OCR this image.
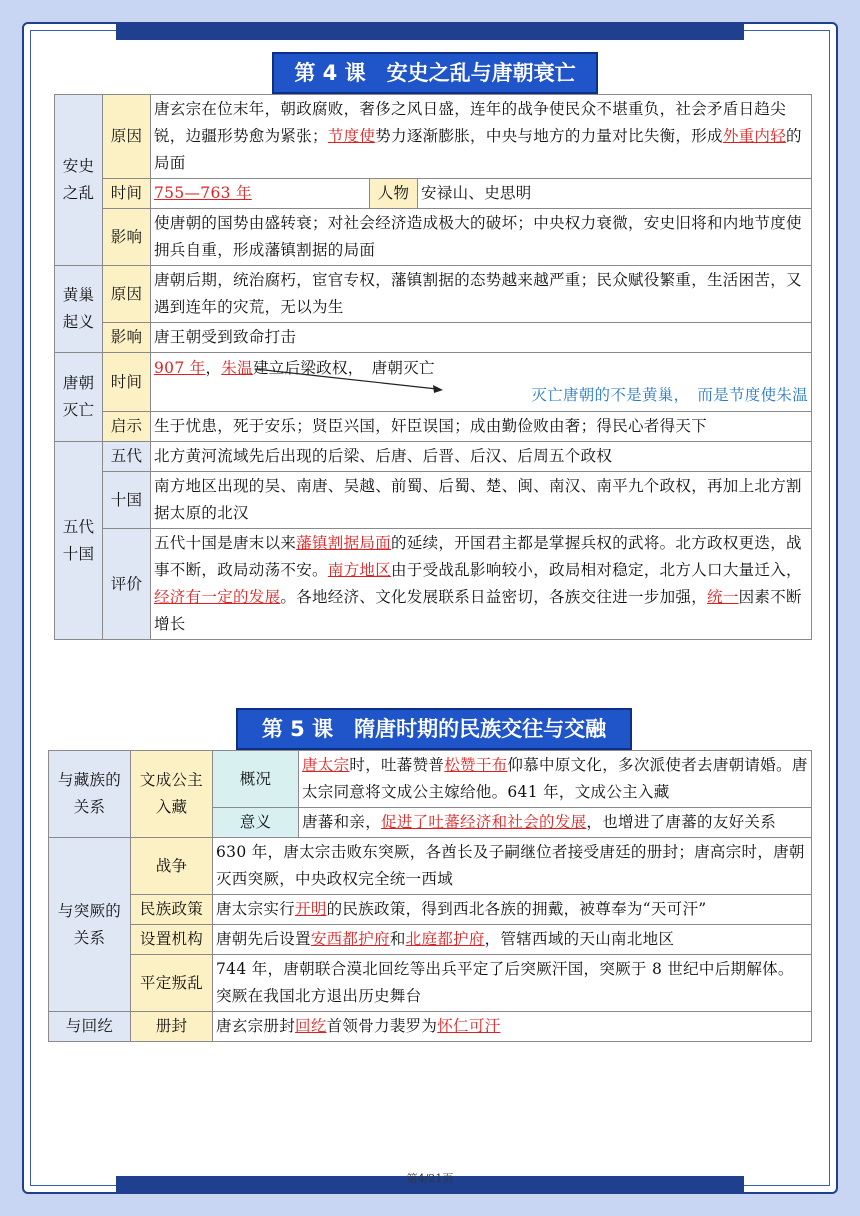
第 4 课　安史之乱与唐朝衰亡
安史之乱	原因	唐玄宗在位末年，朝政腐败，奢侈之风日盛，连年的战争使民众不堪重负，社会矛盾日趋尖锐，边疆形势愈为紧张；节度使势力逐渐膨胀，中央与地方的力量对比失衡，形成外重内轻的局面		
	时间	755—763 年	人物	安禄山、史思明
	影响	使唐朝的国势由盛转衰；对社会经济造成极大的破坏；中央权力衰微，安史旧将和内地节度使拥兵自重，形成藩镇割据的局面		
黄巢起义	原因	唐朝后期，统治腐朽，宦官专权，藩镇割据的态势越来越严重；民众赋役繁重，生活困苦，又遇到连年的灾荒，无以为生		
	影响	唐王朝受到致命打击		
唐朝灭亡	时间	907 年，朱温建立后梁政权，　唐朝灭亡
灭亡唐朝的不是黄巢，　而是节度使朱温		

	启示	生于忧患，死于安乐；贤臣兴国，奸臣误国；成由勤俭败由奢；得民心者得天下		
五代十国	五代	北方黄河流域先后出现的后梁、后唐、后晋、后汉、后周五个政权		
	十国	南方地区出现的吴、南唐、吴越、前蜀、后蜀、楚、闽、南汉、南平九个政权，再加上北方割据太原的北汉		
	评价	五代十国是唐末以来藩镇割据局面的延续，开国君主都是掌握兵权的武将。北方政权更迭，战事不断，政局动荡不安。南方地区由于受战乱影响较小，政局相对稳定，北方人口大量迁入，经济有一定的发展。各地经济、文化发展联系日益密切，各族交往进一步加强，统一因素不断增长		
第 5 课　隋唐时期的民族交往与交融
与藏族的关系	文成公主入藏	概况	唐太宗时，吐蕃赞普松赞干布仰慕中原文化，多次派使者去唐朝请婚。唐太宗同意将文成公主嫁给他。641 年，文成公主入藏
		意义	唐蕃和亲，促进了吐蕃经济和社会的发展，也增进了唐蕃的友好关系
与突厥的关系	战争	630 年，唐太宗击败东突厥，各酋长及子嗣继位者接受唐廷的册封；唐高宗时，唐朝灭西突厥，中央政权完全统一西域	
	民族政策	唐太宗实行开明的民族政策，得到西北各族的拥戴，被尊奉为“天可汗”	
	设置机构	唐朝先后设置安西都护府和北庭都护府，管辖西域的天山南北地区	
	平定叛乱	744 年，唐朝联合漠北回纥等出兵平定了后突厥汗国，突厥于 8 世纪中后期解体。突厥在我国北方退出历史舞台	
与回纥	册封	唐玄宗册封回纥首领骨力裴罗为怀仁可汗	
第4/21页
